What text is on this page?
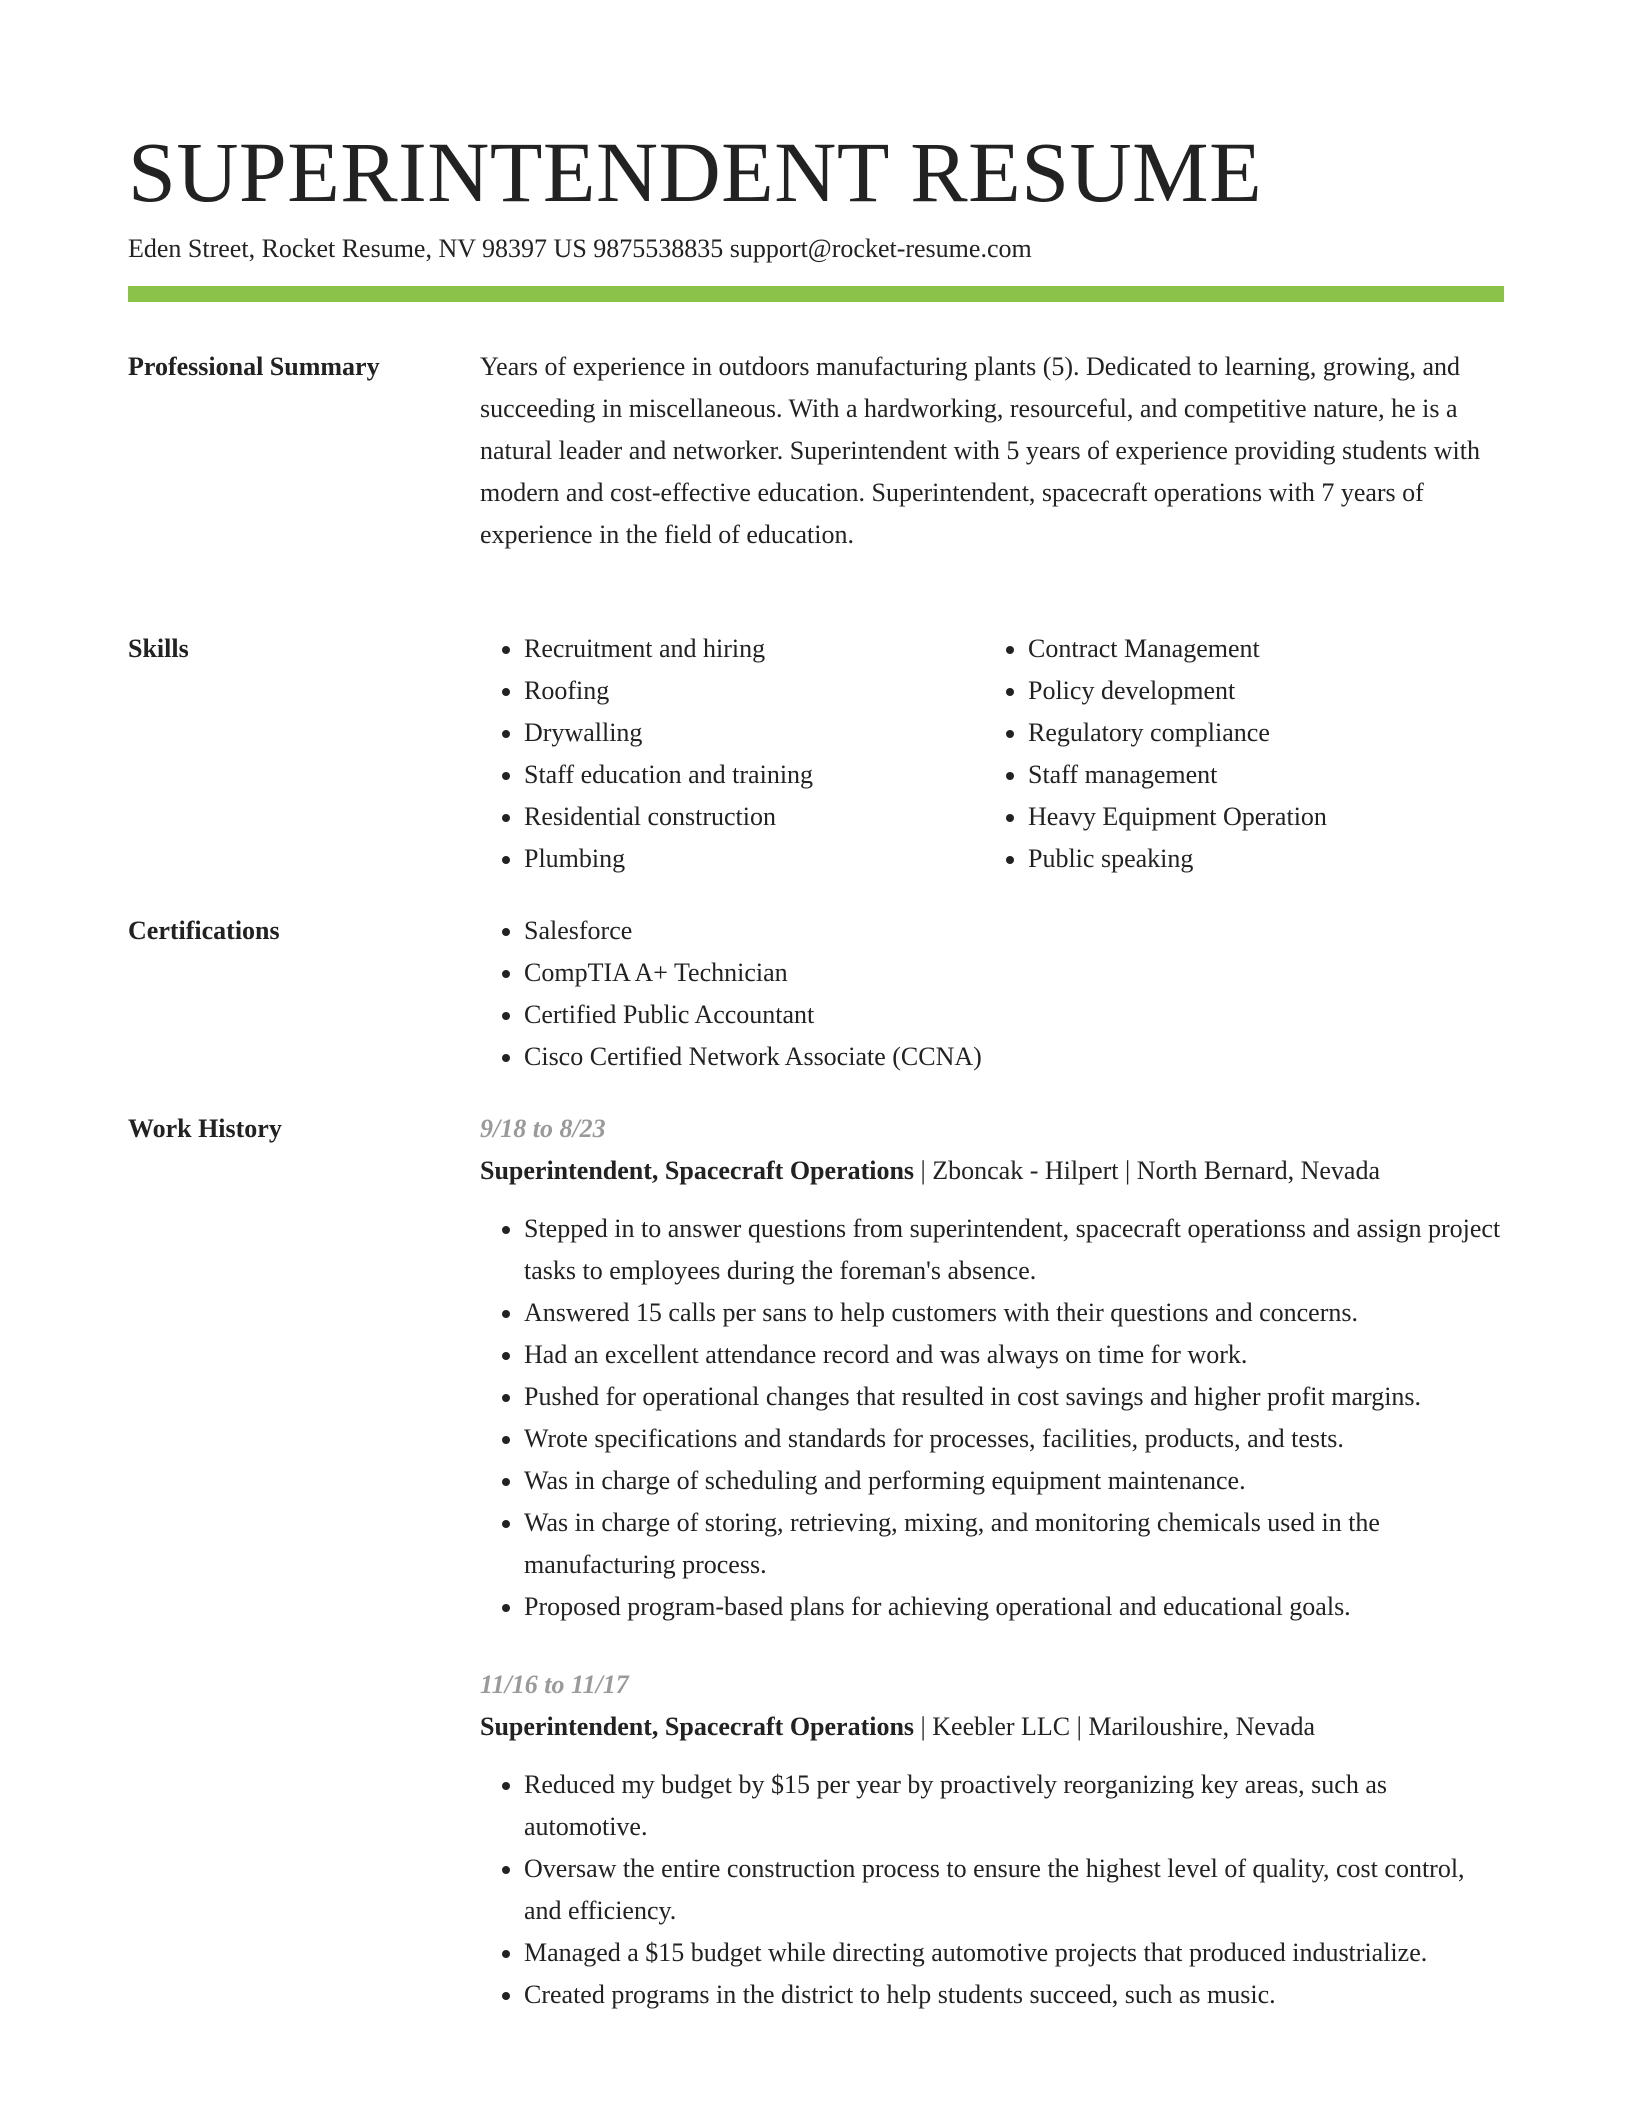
SUPERINTENDENT RESUME
Eden Street, Rocket Resume, NV 98397 US 9875538835 support@rocket-resume.com
Professional Summary	Years of experience in outdoors manufacturing plants (5). Dedicated to learning, growing, and succeeding in miscellaneous. With a hardworking, resourceful, and competitive nature, he is a natural leader and networker. Superintendent with 5 years of experience providing students with modern and cost-effective education. Superintendent, spacecraft operations with 7 years of experience in the field of education.

Skills	• Recruitment and hiring
• Roofing
• Drywalling
• Staff education and training
• Residential construction
• Plumbing
• Contract Management
• Policy development
• Regulatory compliance
• Staff management
• Heavy Equipment Operation
• Public speaking
Certifications	• Salesforce
• CompTIA A+ Technician
• Certified Public Accountant
• Cisco Certified Network Associate (CCNA)
Work History	9/18 to 8/23
Superintendent, Spacecraft Operations | Zboncak - Hilpert | North Bernard, Nevada
• Stepped in to answer questions from superintendent, spacecraft operationss and assign project tasks to employees during the foreman's absence.
• Answered 15 calls per sans to help customers with their questions and concerns.
• Had an excellent attendance record and was always on time for work.
• Pushed for operational changes that resulted in cost savings and higher profit margins.
• Wrote specifications and standards for processes, facilities, products, and tests.
• Was in charge of scheduling and performing equipment maintenance.
• Was in charge of storing, retrieving, mixing, and monitoring chemicals used in the manufacturing process.
• Proposed program-based plans for achieving operational and educational goals.
11/16 to 11/17
Superintendent, Spacecraft Operations | Keebler LLC | Mariloushire, Nevada
• Reduced my budget by $15 per year by proactively reorganizing key areas, such as automotive.
• Oversaw the entire construction process to ensure the highest level of quality, cost control, and efficiency.
• Managed a $15 budget while directing automotive projects that produced industrialize.
• Created programs in the district to help students succeed, such as music.
